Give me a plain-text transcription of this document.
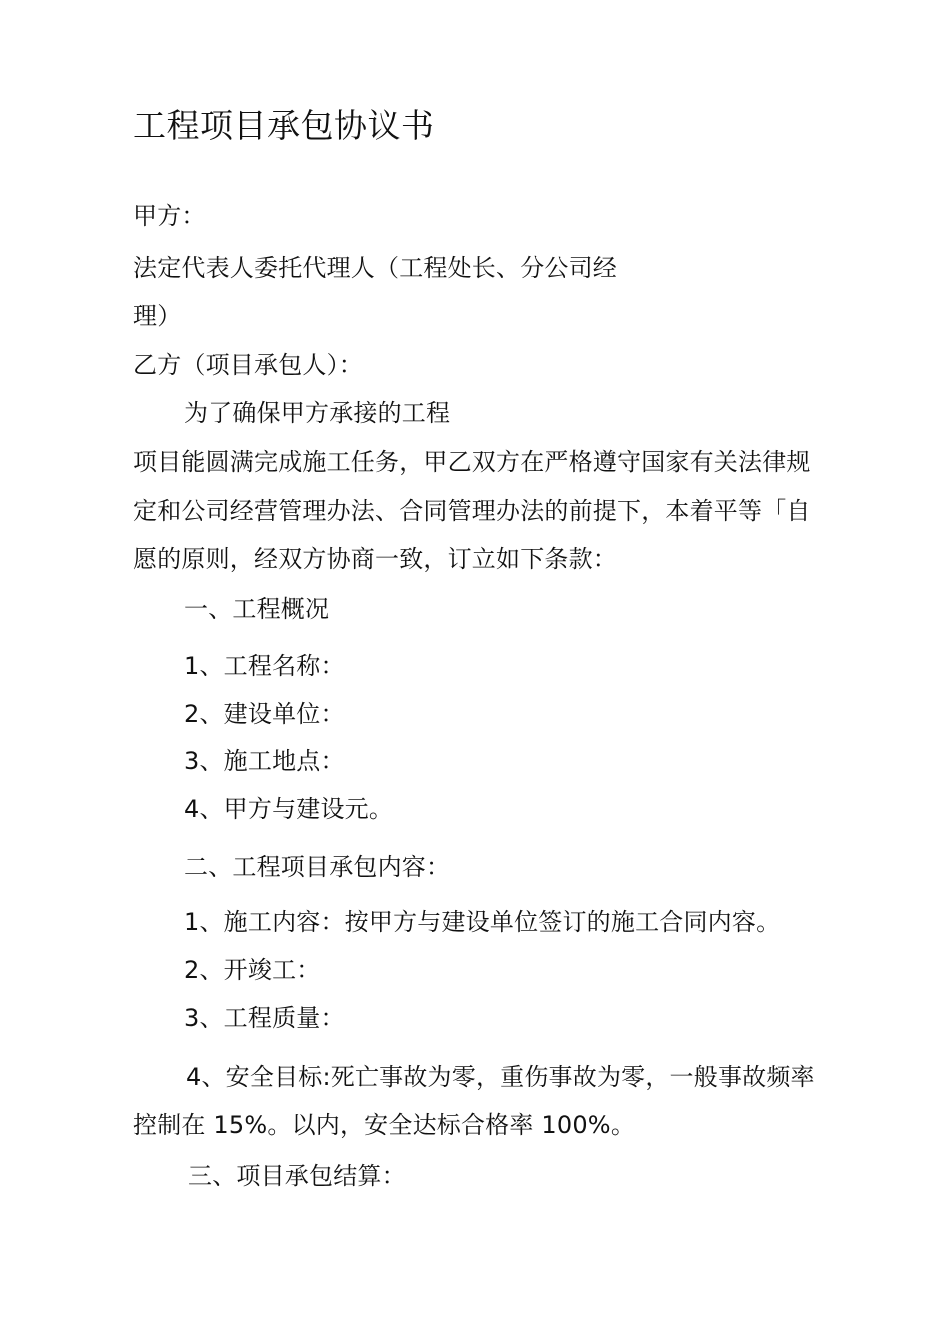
工程项目承包协议书

甲方：

法定代表人委托代理人（工程处长、分公司经

理）

乙方（项目承包人）：

为了确保甲方承接的工程

项目能圆满完成施工任务，甲乙双方在严格遵守国家有关法律规

定和公司经营管理办法、合同管理办法的前提下，本着平等「自

愿的原则，经双方协商一致，订立如下条款：

一、工程概况

1、工程名称：

2、建设单位：

3、施工地点：

4、甲方与建设元。

二、工程项目承包内容：

1、施工内容：按甲方与建设单位签订的施工合同内容。

2、开竣工：

3、工程质量：

4、安全目标:死亡事故为零，重伤事故为零，一般事故频率

控制在 15%。以内，安全达标合格率 100%。

三、项目承包结算：
